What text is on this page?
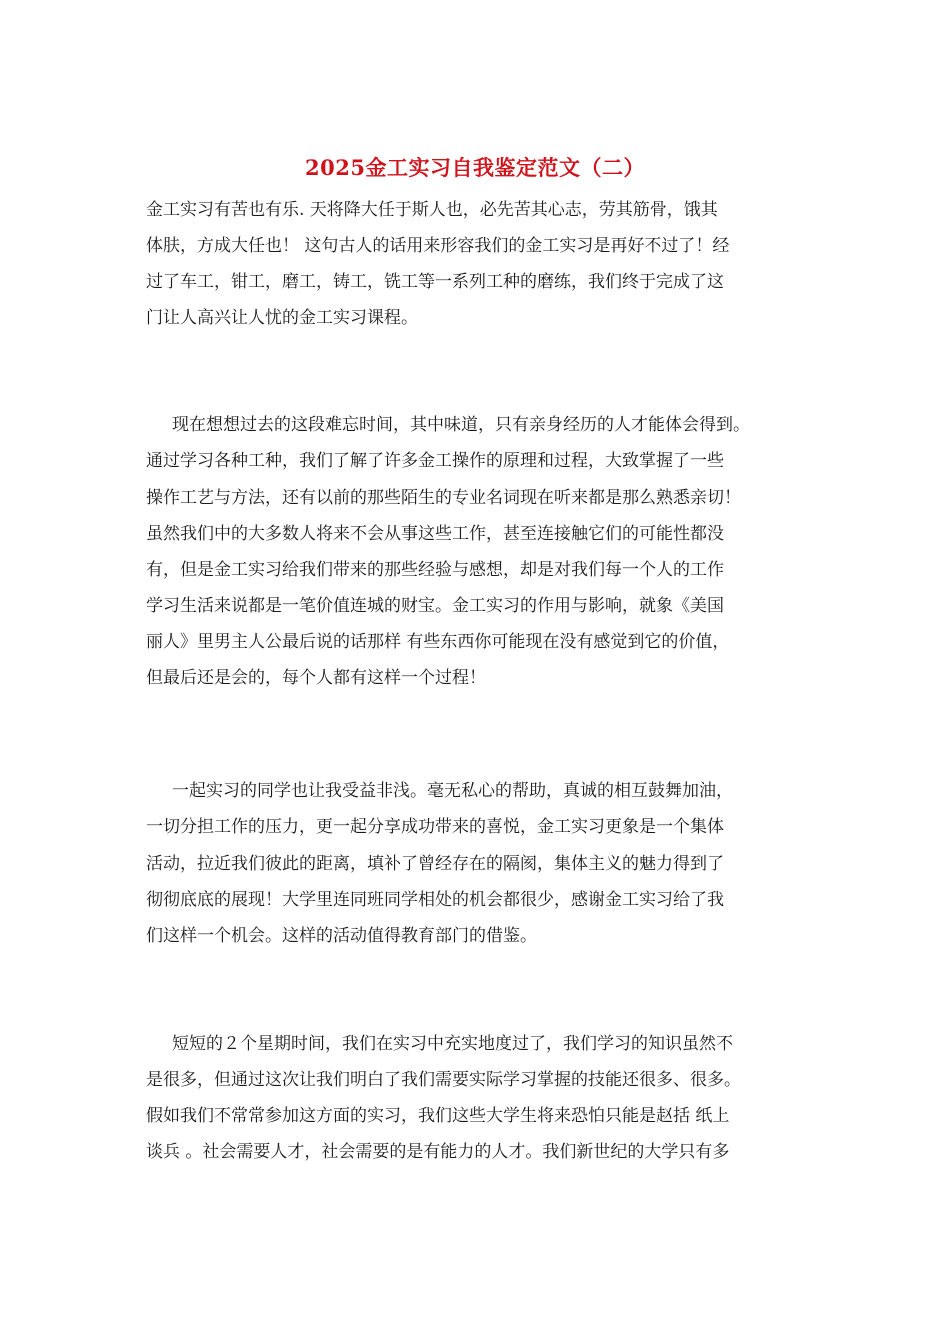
2025金工实习自我鉴定范文（二）
金工实习有苦也有乐. 天将降大任于斯人也，必先苦其心志，劳其筋骨，饿其
体肤，方成大任也！ 这句古人的话用来形容我们的金工实习是再好不过了！经
过了车工，钳工，磨工，铸工，铣工等一系列工种的磨练，我们终于完成了这
门让人高兴让人忧的金工实习课程。
现在想想过去的这段难忘时间，其中味道，只有亲身经历的人才能体会得到。
通过学习各种工种，我们了解了许多金工操作的原理和过程，大致掌握了一些
操作工艺与方法，还有以前的那些陌生的专业名词现在听来都是那么熟悉亲切！
虽然我们中的大多数人将来不会从事这些工作，甚至连接触它们的可能性都没
有，但是金工实习给我们带来的那些经验与感想，却是对我们每一个人的工作
学习生活来说都是一笔价值连城的财宝。金工实习的作用与影响，就象《美国
丽人》里男主人公最后说的话那样 有些东西你可能现在没有感觉到它的价值，
但最后还是会的，每个人都有这样一个过程！
一起实习的同学也让我受益非浅。毫无私心的帮助，真诚的相互鼓舞加油，
一切分担工作的压力，更一起分享成功带来的喜悦，金工实习更象是一个集体
活动，拉近我们彼此的距离，填补了曾经存在的隔阂，集体主义的魅力得到了
彻彻底底的展现！大学里连同班同学相处的机会都很少，感谢金工实习给了我
们这样一个机会。这样的活动值得教育部门的借鉴。
短短的２个星期时间，我们在实习中充实地度过了，我们学习的知识虽然不
是很多，但通过这次让我们明白了我们需要实际学习掌握的技能还很多、很多。
假如我们不常常参加这方面的实习，我们这些大学生将来恐怕只能是赵括 纸上
谈兵 。社会需要人才，社会需要的是有能力的人才。我们新世纪的大学只有多
